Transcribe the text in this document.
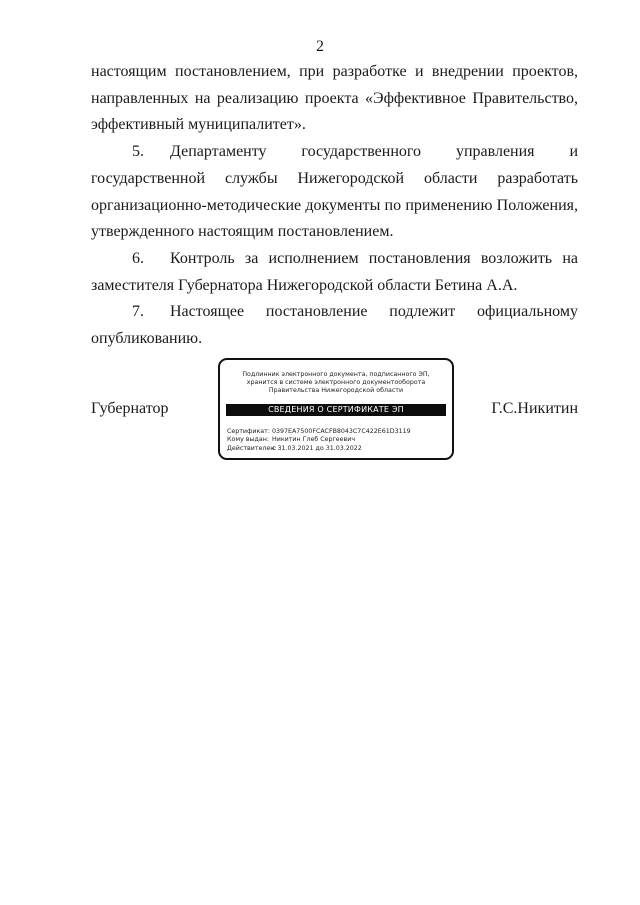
2

настоящим постановлением, при разработке и внедрении проектов, направленных на реализацию проекта «Эффективное Правительство, эффективный муниципалитет».

5. Департаменту государственного управления и государственной службы Нижегородской области разработать организационно-методические документы по применению Положения, утвержденного настоящим постановлением.

6. Контроль за исполнением постановления возложить на заместителя Губернатора Нижегородской области Бетина А.А.

7. Настоящее постановление подлежит официальному опубликованию.

Губернатор	Г.С.Никитин
Подлинник электронного документа, подписанного ЭП,
хранится в системе электронного документооборота
Правительства Нижегородской области
СВЕДЕНИЯ О СЕРТИФИКАТЕ ЭП
Сертификат: 0397EA7500FCACFB8043C7C422E61D3119
Кому выдан: Никитин Глеб Сергеевич
Действителен:с 31.03.2021 до 31.03.2022
